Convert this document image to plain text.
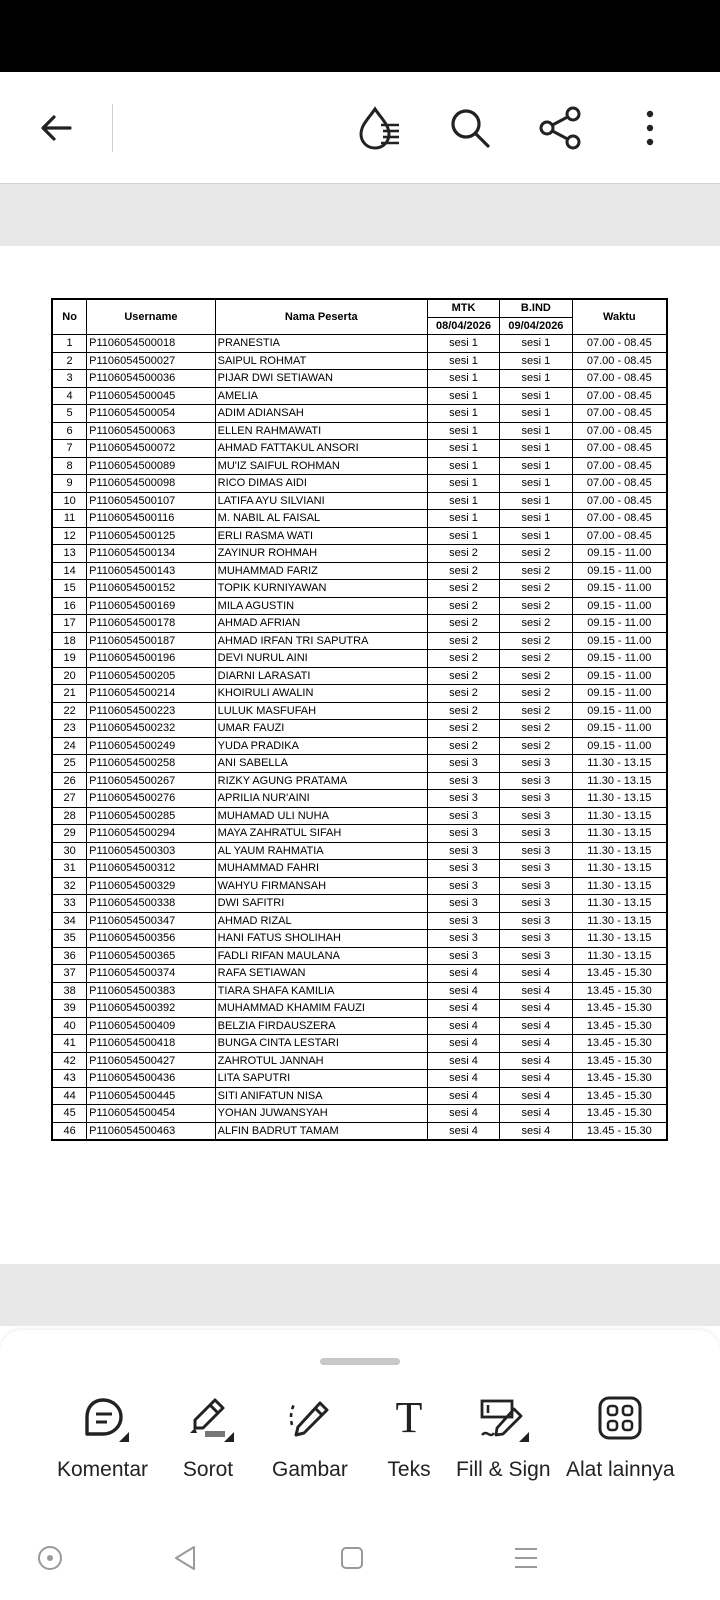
No	Username	Nama Peserta	MTK	B.IND	Waktu
			08/04/2026	09/04/2026	
1	P1106054500018	PRANESTIA	sesi 1	sesi 1	07.00 - 08.45
2	P1106054500027	SAIPUL ROHMAT	sesi 1	sesi 1	07.00 - 08.45
3	P1106054500036	PIJAR DWI SETIAWAN	sesi 1	sesi 1	07.00 - 08.45
4	P1106054500045	AMELIA	sesi 1	sesi 1	07.00 - 08.45
5	P1106054500054	ADIM ADIANSAH	sesi 1	sesi 1	07.00 - 08.45
6	P1106054500063	ELLEN RAHMAWATI	sesi 1	sesi 1	07.00 - 08.45
7	P1106054500072	AHMAD FATTAKUL ANSORI	sesi 1	sesi 1	07.00 - 08.45
8	P1106054500089	MU'IZ SAIFUL ROHMAN	sesi 1	sesi 1	07.00 - 08.45
9	P1106054500098	RICO DIMAS AIDI	sesi 1	sesi 1	07.00 - 08.45
10	P1106054500107	LATIFA AYU SILVIANI	sesi 1	sesi 1	07.00 - 08.45
11	P1106054500116	M. NABIL AL FAISAL	sesi 1	sesi 1	07.00 - 08.45
12	P1106054500125	ERLI RASMA WATI	sesi 1	sesi 1	07.00 - 08.45
13	P1106054500134	ZAYINUR ROHMAH	sesi 2	sesi 2	09.15 - 11.00
14	P1106054500143	MUHAMMAD FARIZ	sesi 2	sesi 2	09.15 - 11.00
15	P1106054500152	TOPIK KURNIYAWAN	sesi 2	sesi 2	09.15 - 11.00
16	P1106054500169	MILA AGUSTIN	sesi 2	sesi 2	09.15 - 11.00
17	P1106054500178	AHMAD AFRIAN	sesi 2	sesi 2	09.15 - 11.00
18	P1106054500187	AHMAD IRFAN TRI SAPUTRA	sesi 2	sesi 2	09.15 - 11.00
19	P1106054500196	DEVI NURUL AINI	sesi 2	sesi 2	09.15 - 11.00
20	P1106054500205	DIARNI LARASATI	sesi 2	sesi 2	09.15 - 11.00
21	P1106054500214	KHOIRULI AWALIN	sesi 2	sesi 2	09.15 - 11.00
22	P1106054500223	LULUK MASFUFAH	sesi 2	sesi 2	09.15 - 11.00
23	P1106054500232	UMAR FAUZI	sesi 2	sesi 2	09.15 - 11.00
24	P1106054500249	YUDA PRADIKA	sesi 2	sesi 2	09.15 - 11.00
25	P1106054500258	ANI SABELLA	sesi 3	sesi 3	11.30 - 13.15
26	P1106054500267	RIZKY AGUNG PRATAMA	sesi 3	sesi 3	11.30 - 13.15
27	P1106054500276	APRILIA NUR'AINI	sesi 3	sesi 3	11.30 - 13.15
28	P1106054500285	MUHAMAD ULI NUHA	sesi 3	sesi 3	11.30 - 13.15
29	P1106054500294	MAYA ZAHRATUL SIFAH	sesi 3	sesi 3	11.30 - 13.15
30	P1106054500303	AL YAUM RAHMATIA	sesi 3	sesi 3	11.30 - 13.15
31	P1106054500312	MUHAMMAD FAHRI	sesi 3	sesi 3	11.30 - 13.15
32	P1106054500329	WAHYU FIRMANSAH	sesi 3	sesi 3	11.30 - 13.15
33	P1106054500338	DWI SAFITRI	sesi 3	sesi 3	11.30 - 13.15
34	P1106054500347	AHMAD RIZAL	sesi 3	sesi 3	11.30 - 13.15
35	P1106054500356	HANI FATUS SHOLIHAH	sesi 3	sesi 3	11.30 - 13.15
36	P1106054500365	FADLI RIFAN MAULANA	sesi 3	sesi 3	11.30 - 13.15
37	P1106054500374	RAFA SETIAWAN	sesi 4	sesi 4	13.45 - 15.30
38	P1106054500383	TIARA SHAFA KAMILIA	sesi 4	sesi 4	13.45 - 15.30
39	P1106054500392	MUHAMMAD KHAMIM FAUZI	sesi 4	sesi 4	13.45 - 15.30
40	P1106054500409	BELZIA FIRDAUSZERA	sesi 4	sesi 4	13.45 - 15.30
41	P1106054500418	BUNGA CINTA LESTARI	sesi 4	sesi 4	13.45 - 15.30
42	P1106054500427	ZAHROTUL JANNAH	sesi 4	sesi 4	13.45 - 15.30
43	P1106054500436	LITA SAPUTRI	sesi 4	sesi 4	13.45 - 15.30
44	P1106054500445	SITI ANIFATUN NISA	sesi 4	sesi 4	13.45 - 15.30
45	P1106054500454	YOHAN JUWANSYAH	sesi 4	sesi 4	13.45 - 15.30
46	P1106054500463	ALFIN BADRUT TAMAM	sesi 4	sesi 4	13.45 - 15.30
Komentar Sorot Gambar
T
Teks Fill & Sign Alat lainnya
